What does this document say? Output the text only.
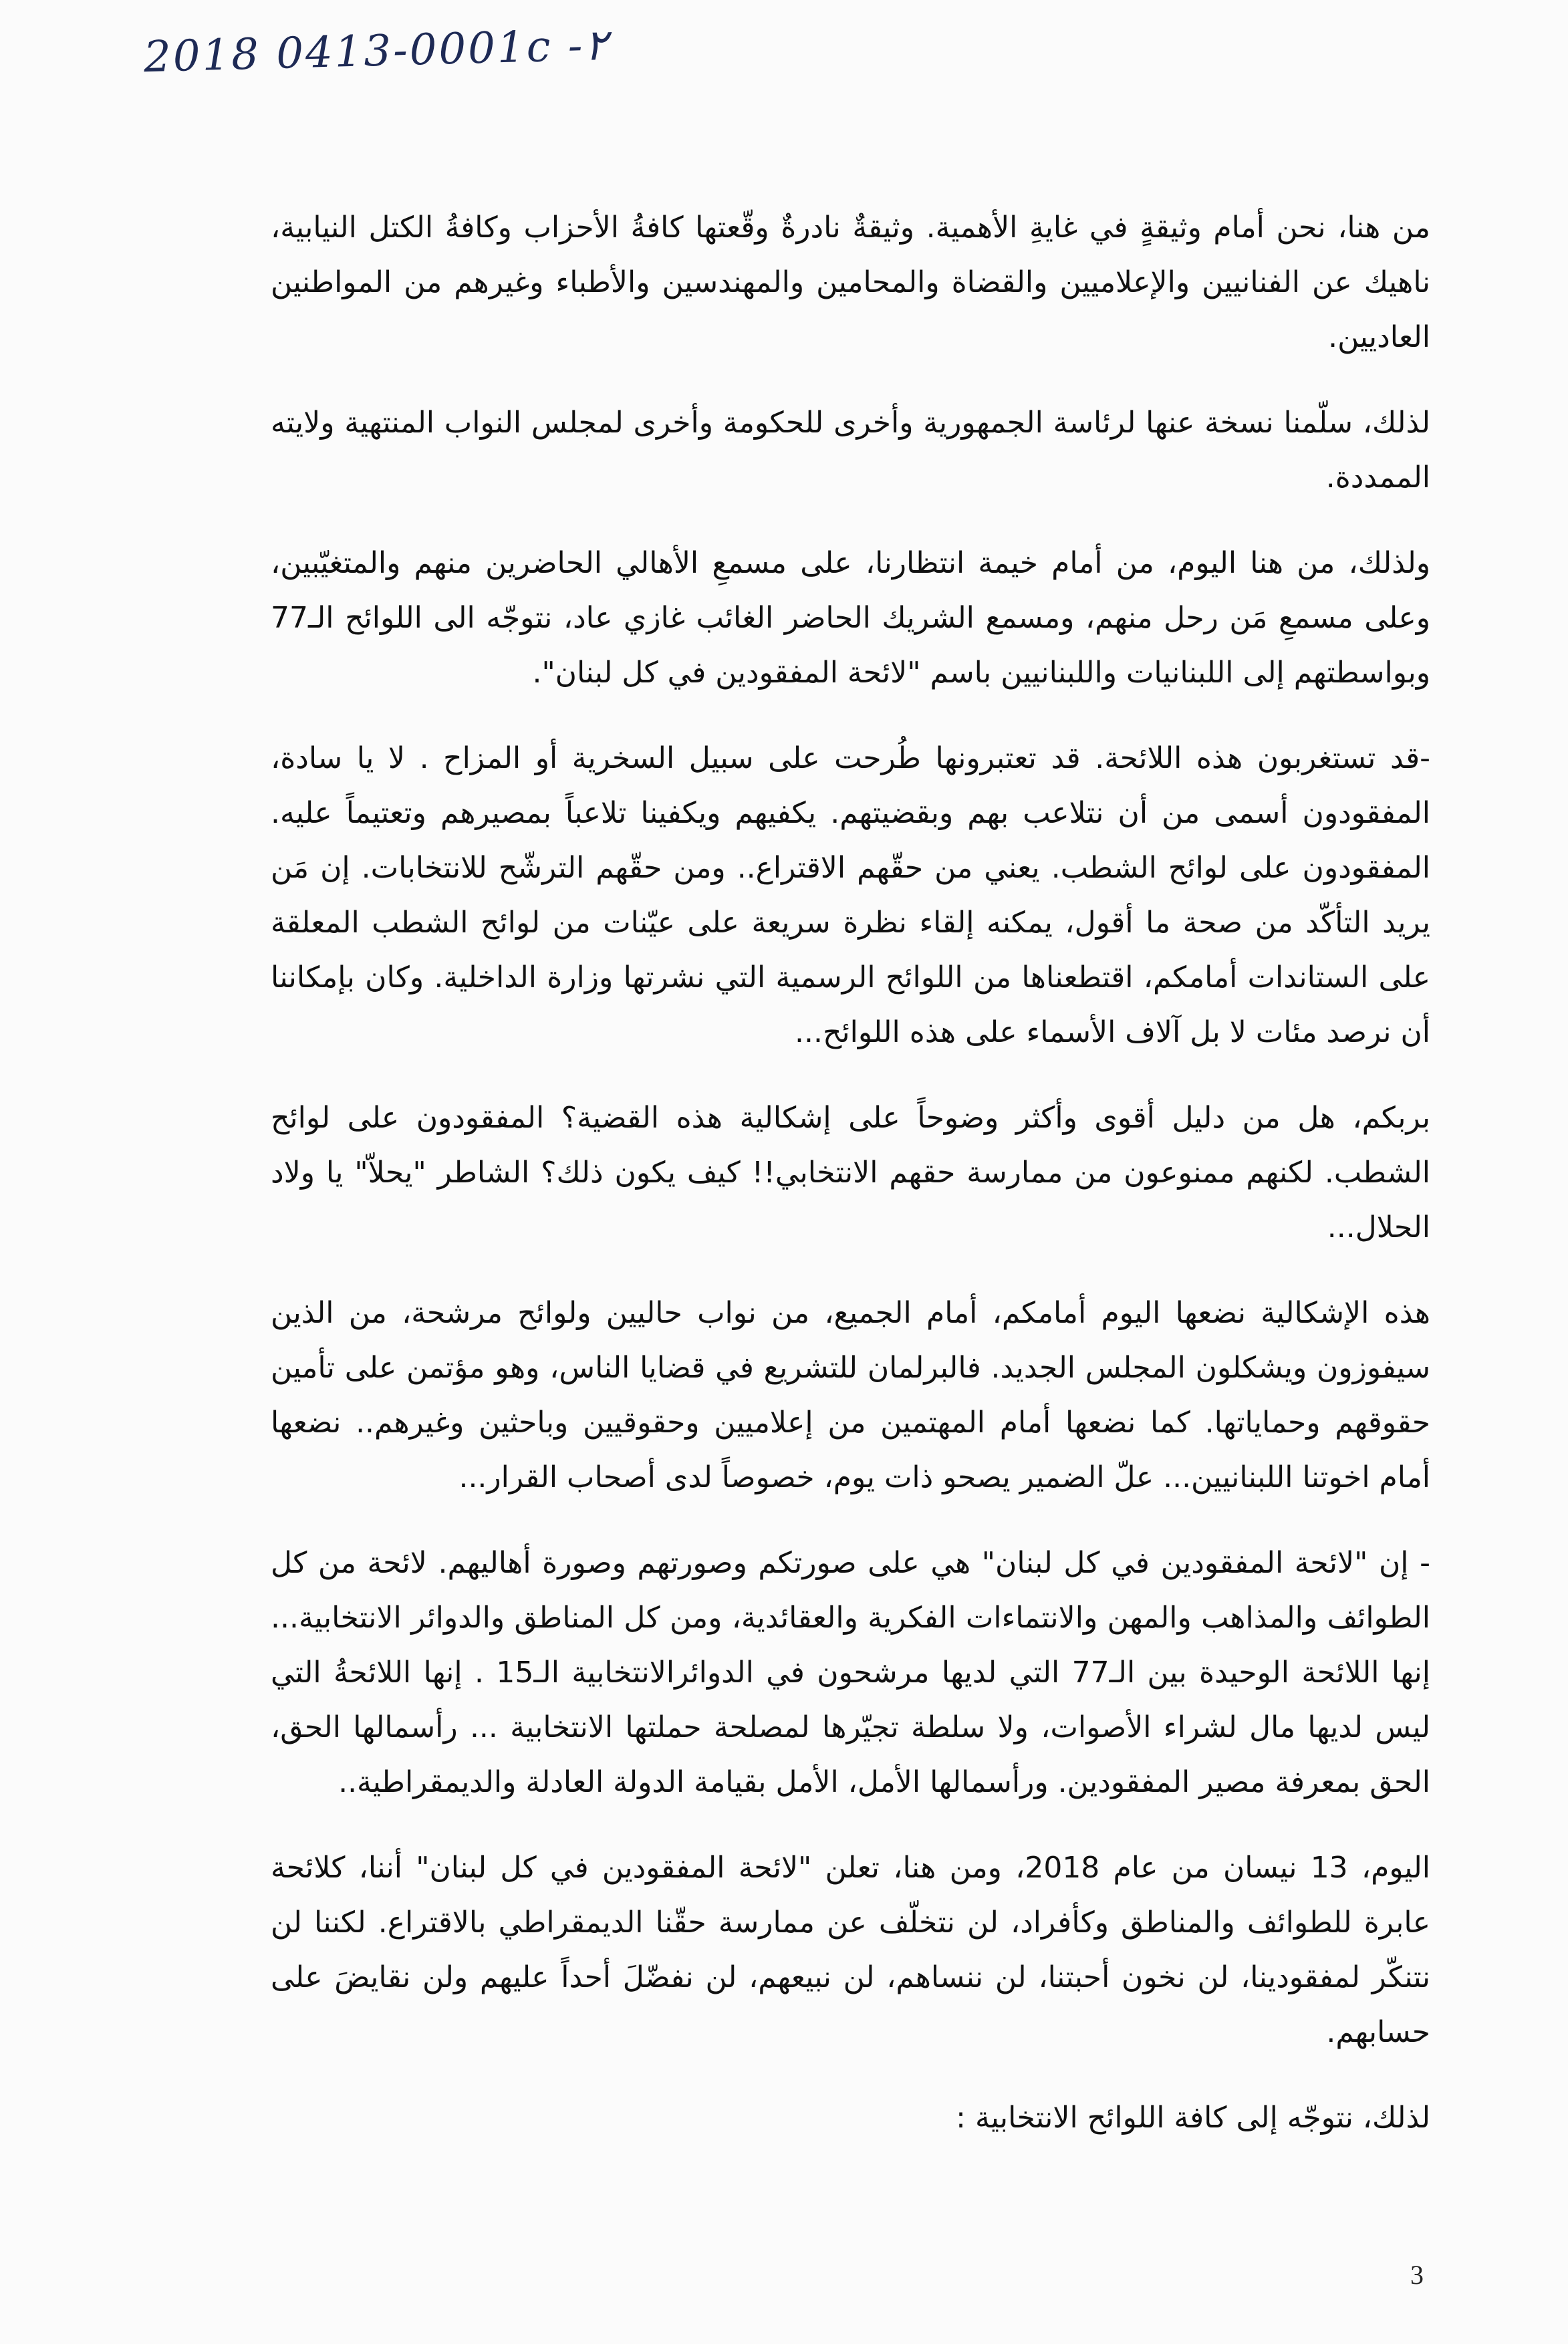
2018 0413-0001c -٢

من هنا، نحن أمام وثيقةٍ في غايةِ الأهمية. وثيقةٌ نادرةٌ وقّعتها كافةُ الأحزاب وكافةُ الكتل النيابية، ناهيك عن الفنانيين والإعلاميين والقضاة والمحامين والمهندسين والأطباء وغيرهم من المواطنين العاديين.

لذلك، سلّمنا نسخة عنها لرئاسة الجمهورية وأخرى للحكومة وأخرى لمجلس النواب المنتهية ولايته الممددة.

ولذلك، من هنا اليوم، من أمام خيمة انتظارنا، على مسمعِ الأهالي الحاضرين منهم والمتغيّبين، وعلى مسمعِ مَن رحل منهم، ومسمع الشريك الحاضر الغائب غازي عاد، نتوجّه الى اللوائح الـ77 وبواسطتهم إلى اللبنانيات واللبنانيين باسم "لائحة المفقودين في كل لبنان".

-قد تستغربون هذه اللائحة. قد تعتبرونها طُرحت على سبيل السخرية أو المزاح . لا يا سادة، المفقودون أسمى من أن نتلاعب بهم وبقضيتهم. يكفيهم ويكفينا تلاعباً بمصيرهم وتعتيماً عليه. المفقودون على لوائح الشطب. يعني من حقّهم الاقتراع.. ومن حقّهم الترشّح للانتخابات. إن مَن يريد التأكّد من صحة ما أقول، يمكنه إلقاء نظرة سريعة على عيّنات من لوائح الشطب المعلقة على الستاندات أمامكم، اقتطعناها من اللوائح الرسمية التي نشرتها وزارة الداخلية. وكان بإمكاننا أن نرصد مئات لا بل آلاف الأسماء على هذه اللوائح...

بربكم، هل من دليل أقوى وأكثر وضوحاً على إشكالية هذه القضية؟ المفقودون على لوائح الشطب. لكنهم ممنوعون من ممارسة حقهم الانتخابي!! كيف يكون ذلك؟ الشاطر "يحلاّ" يا ولاد الحلال...

هذه الإشكالية نضعها اليوم أمامكم، أمام الجميع، من نواب حاليين ولوائح مرشحة، من الذين سيفوزون ويشكلون المجلس الجديد. فالبرلمان للتشريع في قضايا الناس، وهو مؤتمن على تأمين حقوقهم وحماياتها. كما نضعها أمام المهتمين من إعلاميين وحقوقيين وباحثين وغيرهم.. نضعها أمام اخوتنا اللبنانيين... علّ الضمير يصحو ذات يوم، خصوصاً لدى أصحاب القرار...

- إن "لائحة المفقودين في كل لبنان" هي على صورتكم وصورتهم وصورة أهاليهم. لائحة من كل الطوائف والمذاهب والمهن والانتماءات الفكرية والعقائدية، ومن كل المناطق والدوائر الانتخابية... إنها اللائحة الوحيدة بين الـ77 التي لديها مرشحون في الدوائرالانتخابية الـ15 . إنها اللائحةُ التي ليس لديها مال لشراء الأصوات، ولا سلطة تجيّرها لمصلحة حملتها الانتخابية ... رأسمالها الحق، الحق بمعرفة مصير المفقودين. ورأسمالها الأمل، الأمل بقيامة الدولة العادلة والديمقراطية..

اليوم، 13 نيسان من عام 2018، ومن هنا، تعلن "لائحة المفقودين في كل لبنان" أننا، كلائحة عابرة للطوائف والمناطق وكأفراد، لن نتخلّف عن ممارسة حقّنا الديمقراطي بالاقتراع. لكننا لن نتنكّر لمفقودينا، لن نخون أحبتنا، لن ننساهم، لن نبيعهم، لن نفضّلَ أحداً عليهم ولن نقايضَ على حسابهم.

لذلك، نتوجّه إلى كافة اللوائح الانتخابية :

3
